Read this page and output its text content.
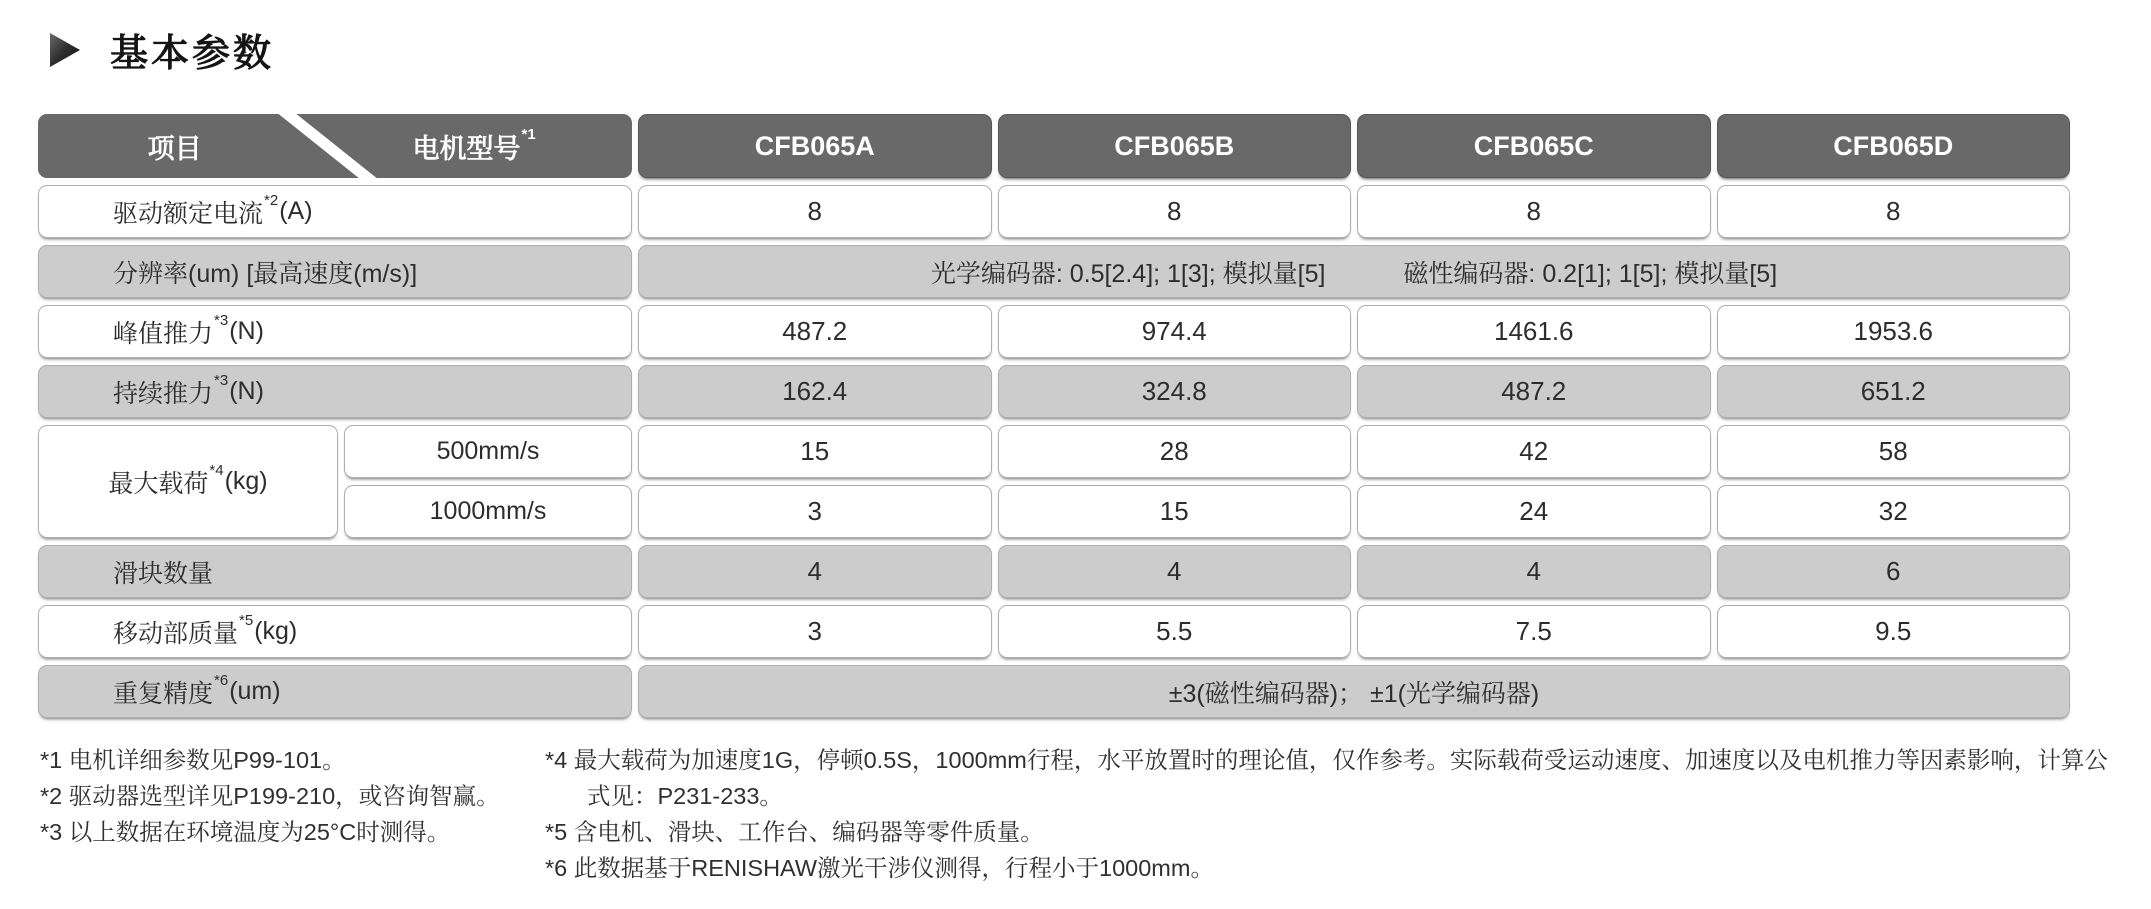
基本参数
项目	电机型号$^{*1}$	CFB065A	CFB065B	CFB065C	CFB065D
驱动额定电流$^{*2}$ (A)	8	8	8	8
分辨率(um) [最高速度(m/s)]	光学编码器: 0.5[2.4]; 1[3]; 模拟量[5]	磁性编码器: 0.2[1]; 1[5]; 模拟量[5]
峰值推力$^{*3}$ (N)	487.2	974.4	1461.6	1953.6
持续推力$^{*3}$ (N)	162.4	324.8	487.2	651.2
最大载荷$^{*4}$ (kg)
500mm/s	15	28	42	58
1000mm/s	3	15	24	32
滑块数量	4	4	4	6
移动部质量$^{*5}$ (kg)	3	5.5	7.5	9.5
重复精度$^{*6}$ (um)	±3(磁性编码器)； ±1(光学编码器)
*1 电机详细参数见P99-101。
*2 驱动器选型详见P199-210，或咨询智赢。
*3 以上数据在环境温度为25°C时测得。
*4 最大载荷为加速度1G，停顿0.5S，1000mm行程，水平放置时的理论值，仅作参考。实际载荷受运动速度、加速度以及电机推力等因素影响，计算公式见：P231-233。
*5 含电机、滑块、工作台、编码器等零件质量。
*6 此数据基于RENISHAW激光干涉仪测得，行程小于1000mm。
